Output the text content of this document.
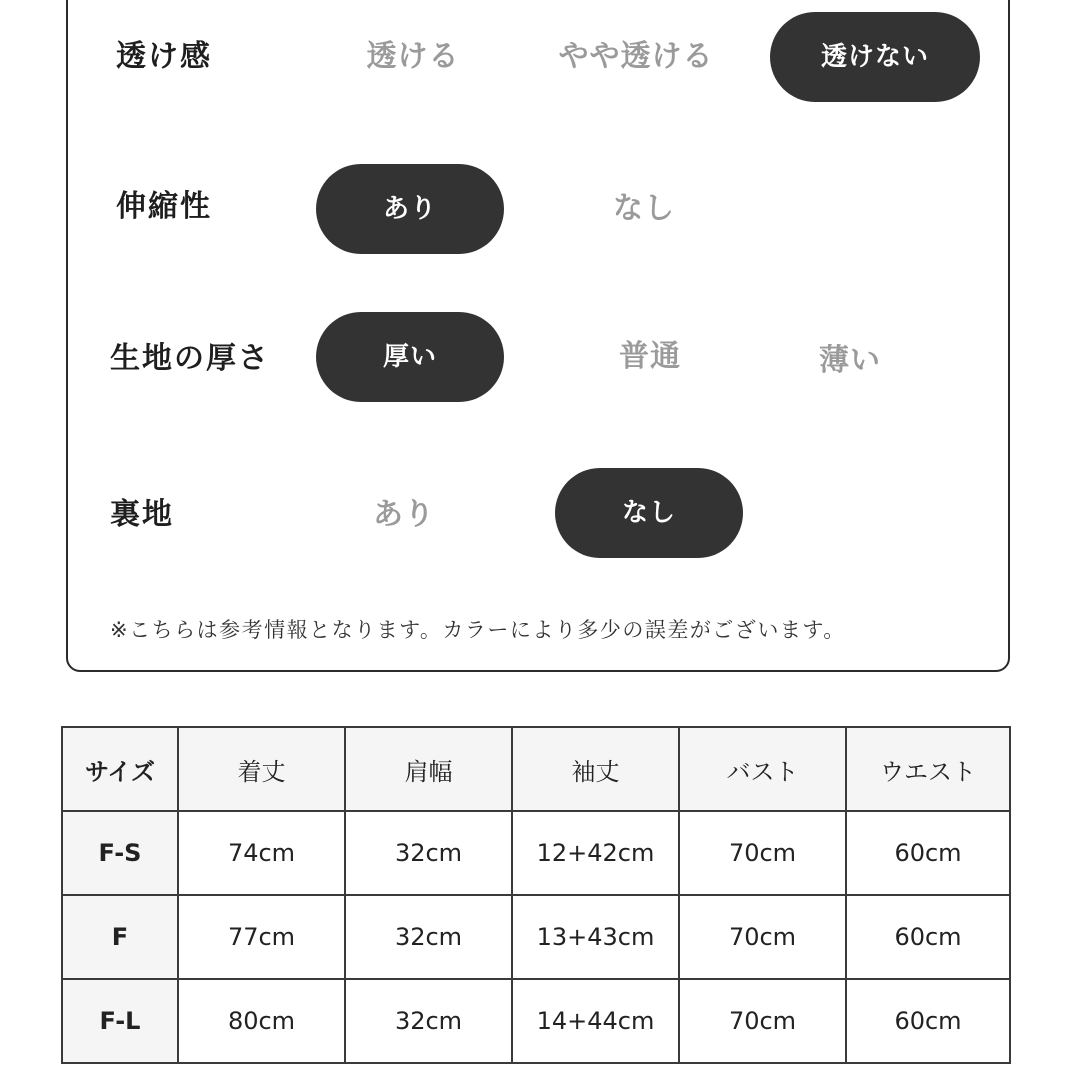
透け感	透ける	やや透ける	透けない
伸縮性	あり	なし
生地の厚さ	厚い	普通	薄い
裏地	あり	なし
※こちらは参考情報となります。カラーにより多少の誤差がございます。
サイズ	着丈	肩幅	袖丈	バスト	ウエスト
F-S	74cm	32cm	12+42cm	70cm	60cm
F	77cm	32cm	13+43cm	70cm	60cm
F-L	80cm	32cm	14+44cm	70cm	60cm
